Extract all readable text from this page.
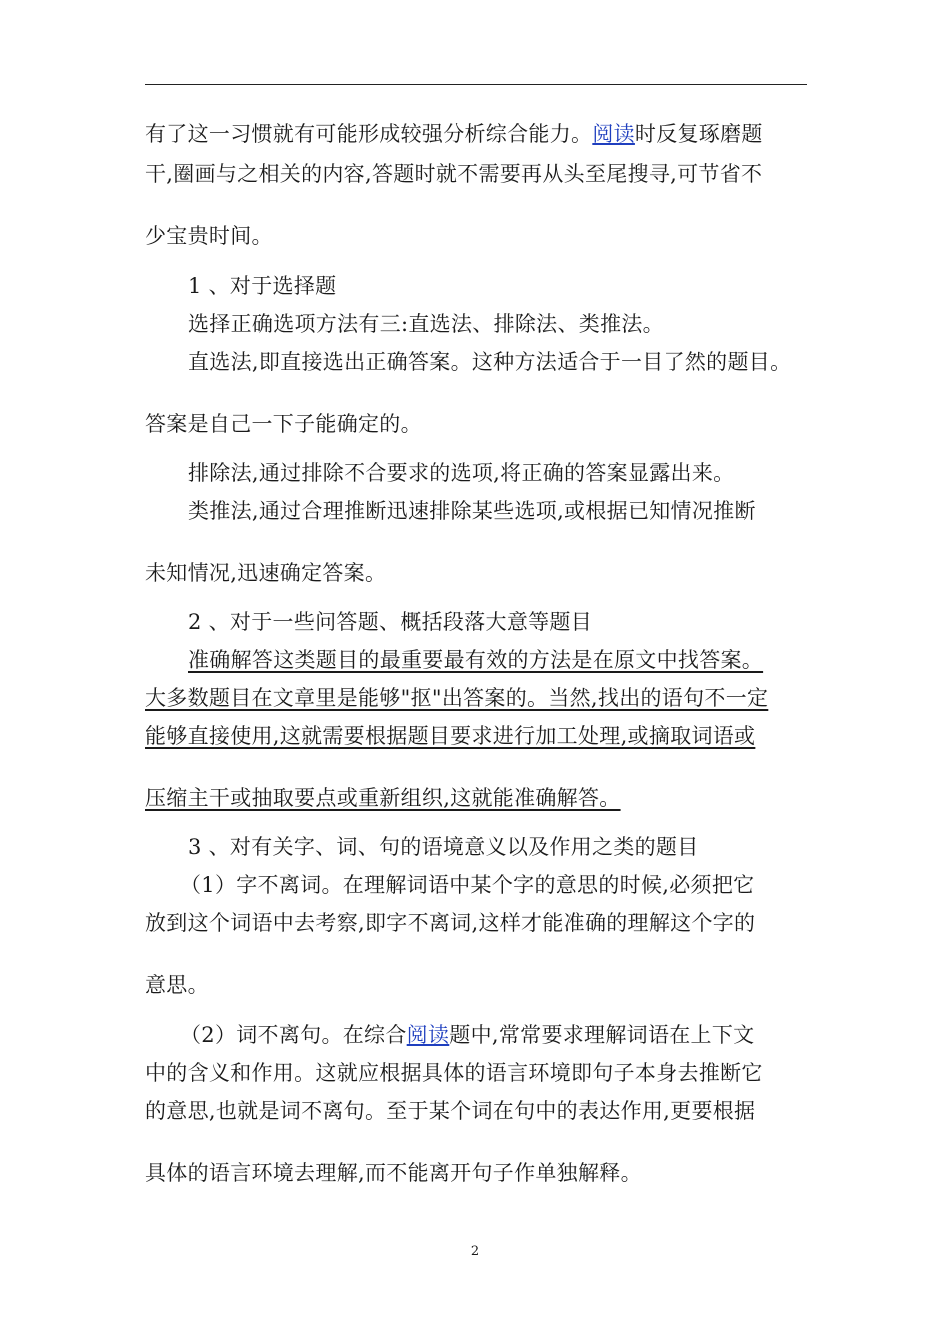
有了这一习惯就有可能形成较强分析综合能力。阅读时反复琢磨题
干,圈画与之相关的内容,答题时就不需要再从头至尾搜寻,可节省不
少宝贵时间。
1 、对于选择题
选择正确选项方法有三:直选法、排除法、类推法。
直选法,即直接选出正确答案。这种方法适合于一目了然的题目。
答案是自己一下子能确定的。
排除法,通过排除不合要求的选项,将正确的答案显露出来。
类推法,通过合理推断迅速排除某些选项,或根据已知情况推断
未知情况,迅速确定答案。
2 、对于一些问答题、概括段落大意等题目
准确解答这类题目的最重要最有效的方法是在原文中找答案。
大多数题目在文章里是能够"抠"出答案的。当然,找出的语句不一定
能够直接使用,这就需要根据题目要求进行加工处理,或摘取词语或
压缩主干或抽取要点或重新组织,这就能准确解答。
3 、对有关字、词、句的语境意义以及作用之类的题目
（1）字不离词。在理解词语中某个字的意思的时候,必须把它
放到这个词语中去考察,即字不离词,这样才能准确的理解这个字的
意思。
（2）词不离句。在综合阅读题中,常常要求理解词语在上下文
中的含义和作用。这就应根据具体的语言环境即句子本身去推断它
的意思,也就是词不离句。至于某个词在句中的表达作用,更要根据
具体的语言环境去理解,而不能离开句子作单独解释。
2
